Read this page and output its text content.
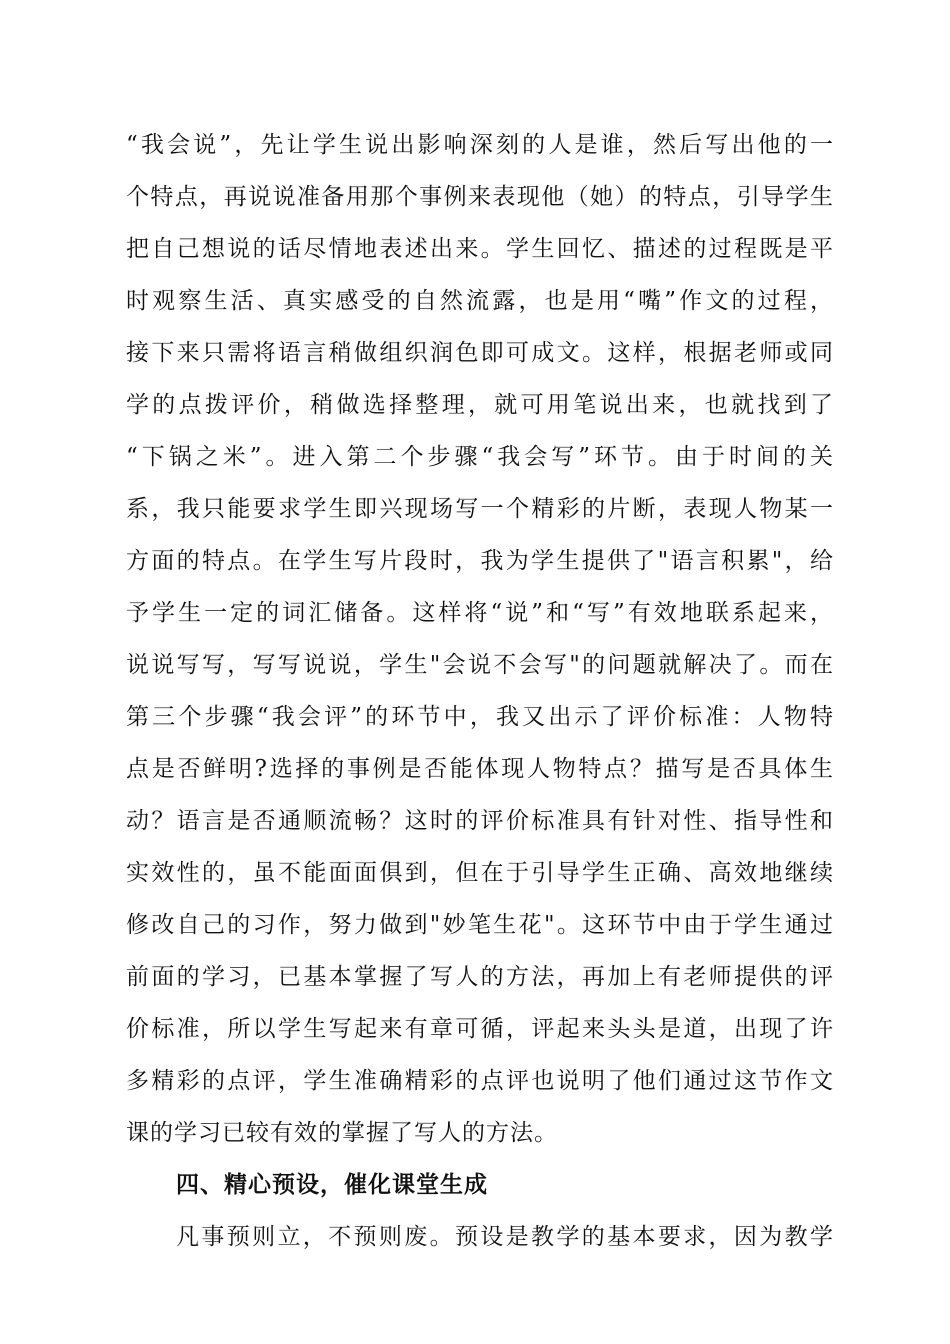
“我会说”，先让学生说出影响深刻的人是谁，然后写出他的一
个特点，再说说准备用那个事例来表现他（她）的特点，引导学生
把自己想说的话尽情地表述出来。学生回忆、描述的过程既是平
时观察生活、真实感受的自然流露，也是用“嘴”作文的过程，
接下来只需将语言稍做组织润色即可成文。这样，根据老师或同
学的点拨评价，稍做选择整理，就可用笔说出来，也就找到了
“下锅之米”。进入第二个步骤“我会写”环节。由于时间的关
系，我只能要求学生即兴现场写一个精彩的片断，表现人物某一
方面的特点。在学生写片段时，我为学生提供了"语言积累"，给
予学生一定的词汇储备。这样将“说”和“写”有效地联系起来，
说说写写，写写说说，学生"会说不会写"的问题就解决了。而在
第三个步骤“我会评”的环节中，我又出示了评价标准：人物特
点是否鲜明?选择的事例是否能体现人物特点？描写是否具体生
动？语言是否通顺流畅？这时的评价标准具有针对性、指导性和
实效性的，虽不能面面俱到，但在于引导学生正确、高效地继续
修改自己的习作，努力做到"妙笔生花"。这环节中由于学生通过
前面的学习，已基本掌握了写人的方法，再加上有老师提供的评
价标准，所以学生写起来有章可循，评起来头头是道，出现了许
多精彩的点评，学生准确精彩的点评也说明了他们通过这节作文
课的学习已较有效的掌握了写人的方法。
四、精心预设，催化课堂生成
凡事预则立，不预则废。预设是教学的基本要求，因为教学
